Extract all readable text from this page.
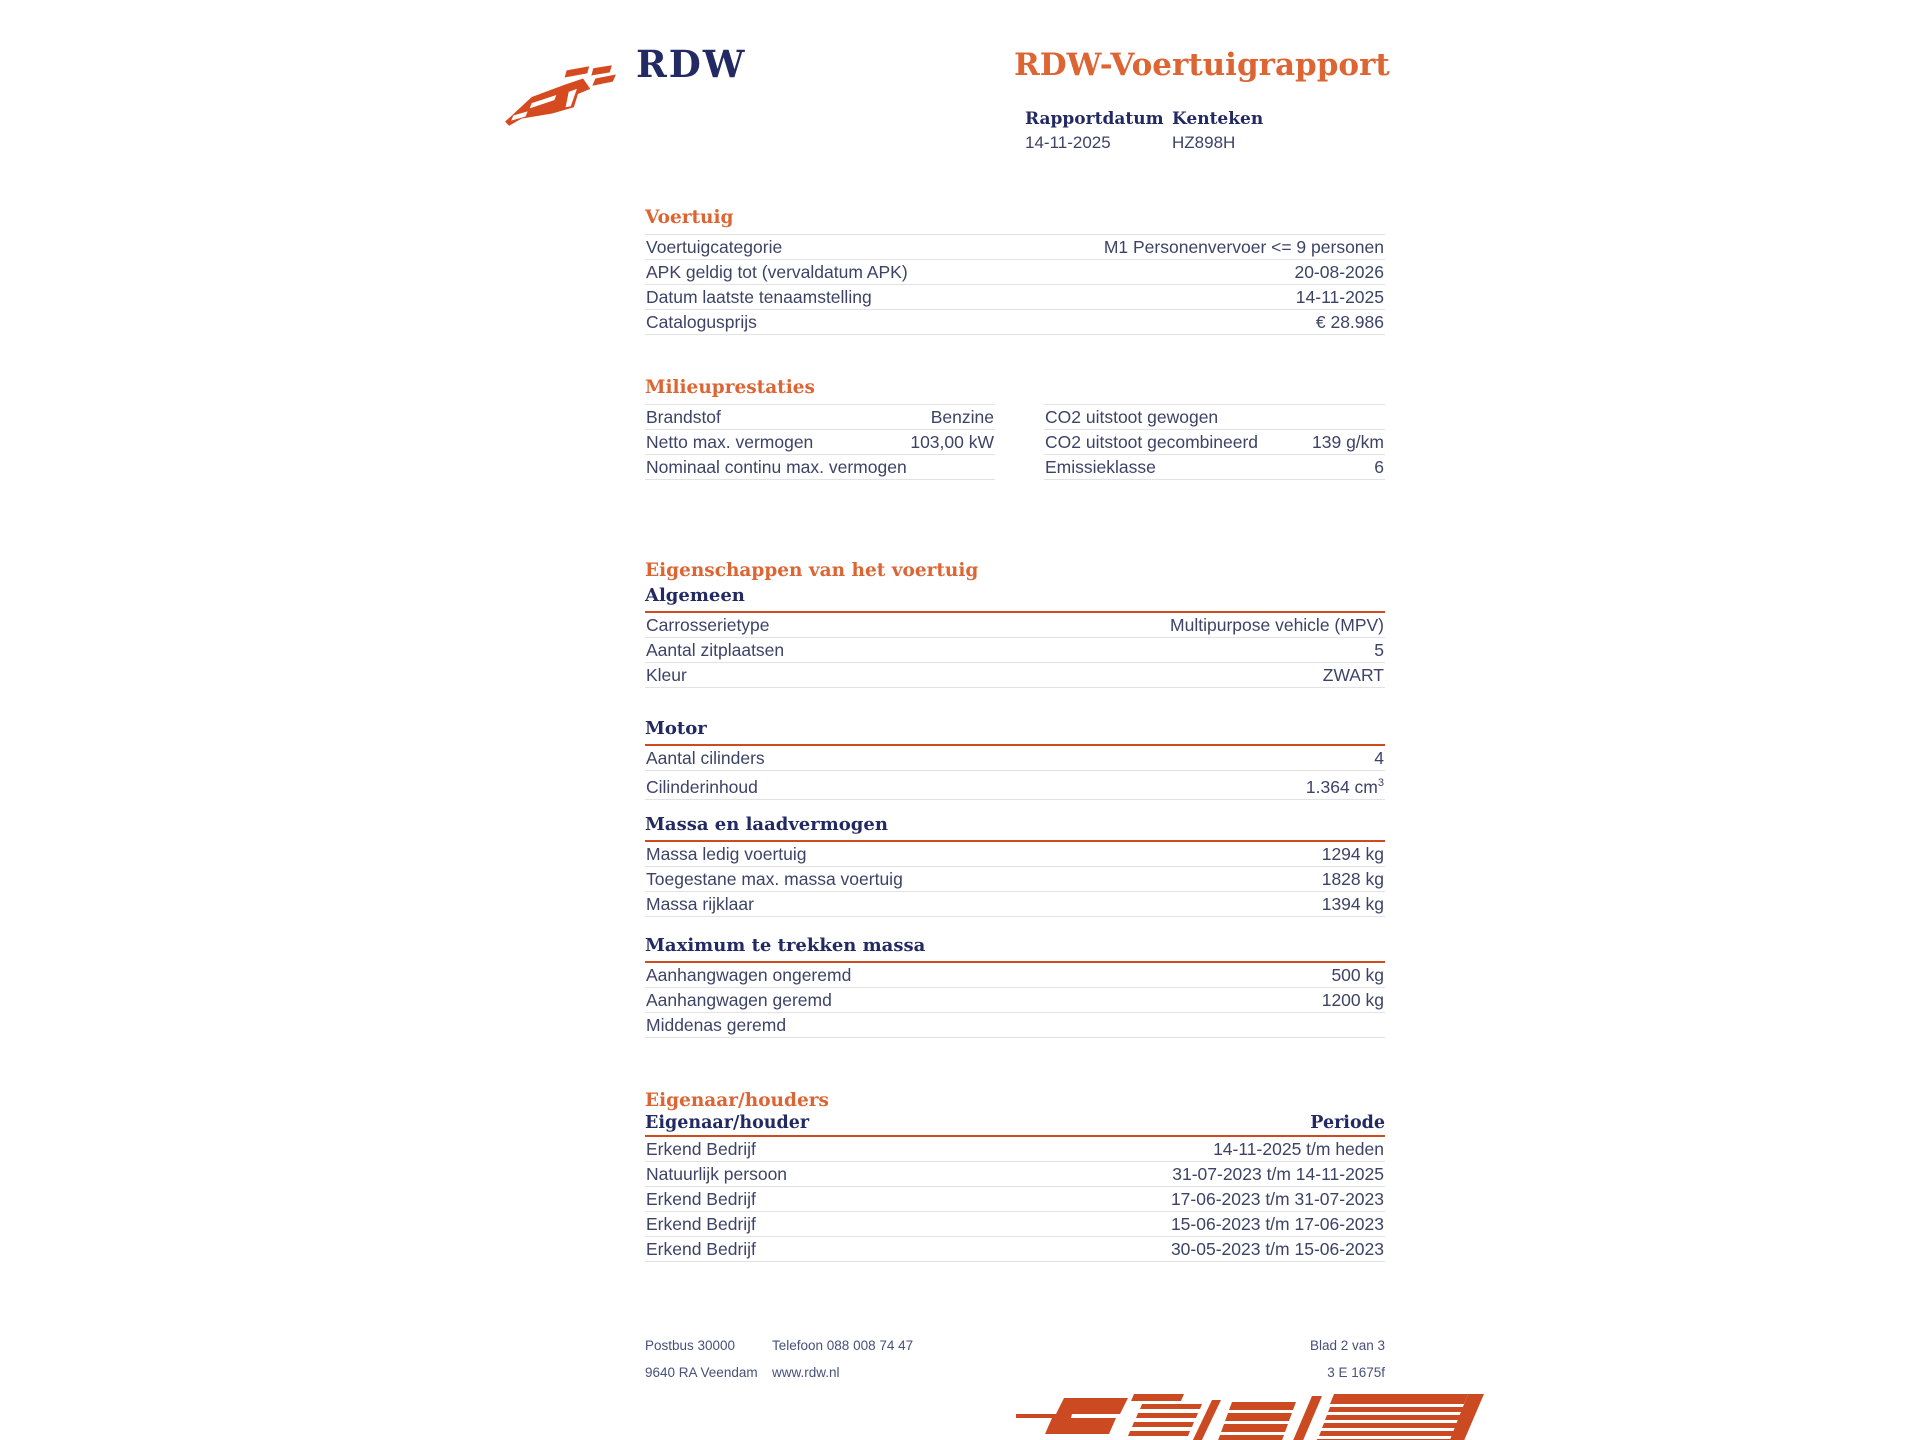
RDW	RDW-Voertuigrapport
Rapportdatum
14-11-2025
Kenteken
HZ898H
Voertuig
Voertuigcategorie	M1 Personenvervoer <= 9 personen
APK geldig tot (vervaldatum APK)	20-08-2026
Datum laatste tenaamstelling	14-11-2025
Catalogusprijs	€ 28.986
Milieuprestaties
Brandstof	Benzine
Netto max. vermogen	103,00 kW
Nominaal continu max. vermogen
CO2 uitstoot gewogen
CO2 uitstoot gecombineerd	139 g/km
Emissieklasse	6
Eigenschappen van het voertuig
Algemeen
Carrosserietype	Multipurpose vehicle (MPV)
Aantal zitplaatsen	5
Kleur	ZWART
Motor
Aantal cilinders	4
Cilinderinhoud	1.364 $cm^3$
Massa en laadvermogen
Massa ledig voertuig	1294 kg
Toegestane max. massa voertuig	1828 kg
Massa rijklaar	1394 kg
Maximum te trekken massa
Aanhangwagen ongeremd	500 kg
Aanhangwagen geremd	1200 kg
Middenas geremd
Eigenaar/houders
Eigenaar/houder	Periode
Erkend Bedrijf	14-11-2025 t/m heden
Natuurlijk persoon	31-07-2023 t/m 14-11-2025
Erkend Bedrijf	17-06-2023 t/m 31-07-2023
Erkend Bedrijf	15-06-2023 t/m 17-06-2023
Erkend Bedrijf	30-05-2023 t/m 15-06-2023
Postbus 30000	Telefoon 088 008 74 47	Blad 2 van 3
9640 RA Veendam	www.rdw.nl	3 E 1675f
